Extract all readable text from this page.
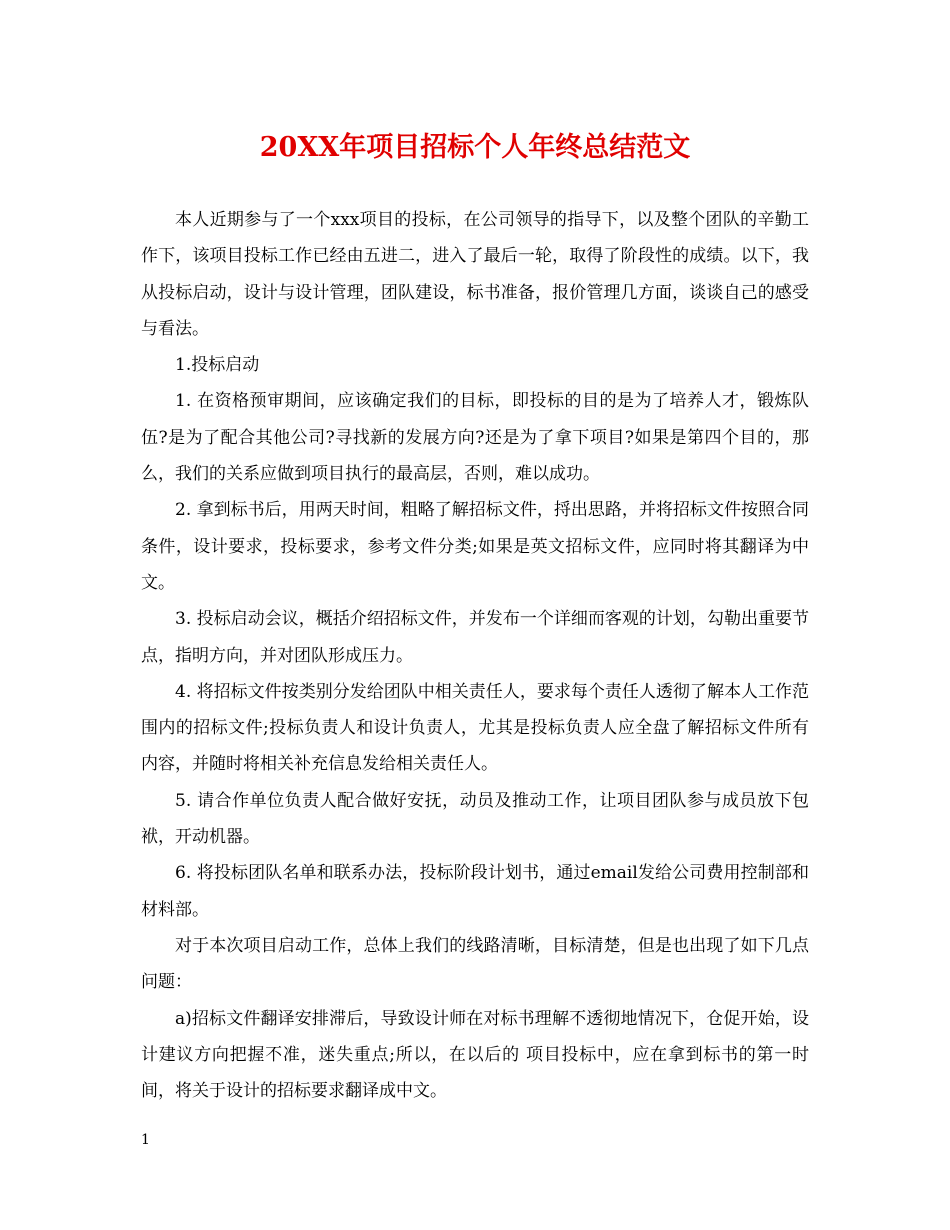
20XX年项目招标个人年终总结范文

本人近期参与了一个xxx项目的投标，在公司领导的指导下，以及整个团队的辛勤工作下，该项目投标工作已经由五进二，进入了最后一轮，取得了阶段性的成绩。以下，我从投标启动，设计与设计管理，团队建设，标书准备，报价管理几方面，谈谈自己的感受与看法。

1.投标启动

1. 在资格预审期间，应该确定我们的目标，即投标的目的是为了培养人才，锻炼队伍?是为了配合其他公司?寻找新的发展方向?还是为了拿下项目?如果是第四个目的，那么，我们的关系应做到项目执行的最高层，否则，难以成功。

2. 拿到标书后，用两天时间，粗略了解招标文件，捋出思路，并将招标文件按照合同条件，设计要求，投标要求，参考文件分类;如果是英文招标文件，应同时将其翻译为中文。

3. 投标启动会议，概括介绍招标文件，并发布一个详细而客观的计划，勾勒出重要节点，指明方向，并对团队形成压力。

4. 将招标文件按类别分发给团队中相关责任人，要求每个责任人透彻了解本人工作范围内的招标文件;投标负责人和设计负责人，尤其是投标负责人应全盘了解招标文件所有内容，并随时将相关补充信息发给相关责任人。

5. 请合作单位负责人配合做好安抚，动员及推动工作，让项目团队参与成员放下包袱，开动机器。

6. 将投标团队名单和联系办法，投标阶段计划书，通过email发给公司费用控制部和材料部。

对于本次项目启动工作，总体上我们的线路清晰，目标清楚，但是也出现了如下几点问题：

a)招标文件翻译安排滞后，导致设计师在对标书理解不透彻地情况下，仓促开始，设计建议方向把握不准，迷失重点;所以，在以后的 项目投标中，应在拿到标书的第一时间，将关于设计的招标要求翻译成中文。

1
